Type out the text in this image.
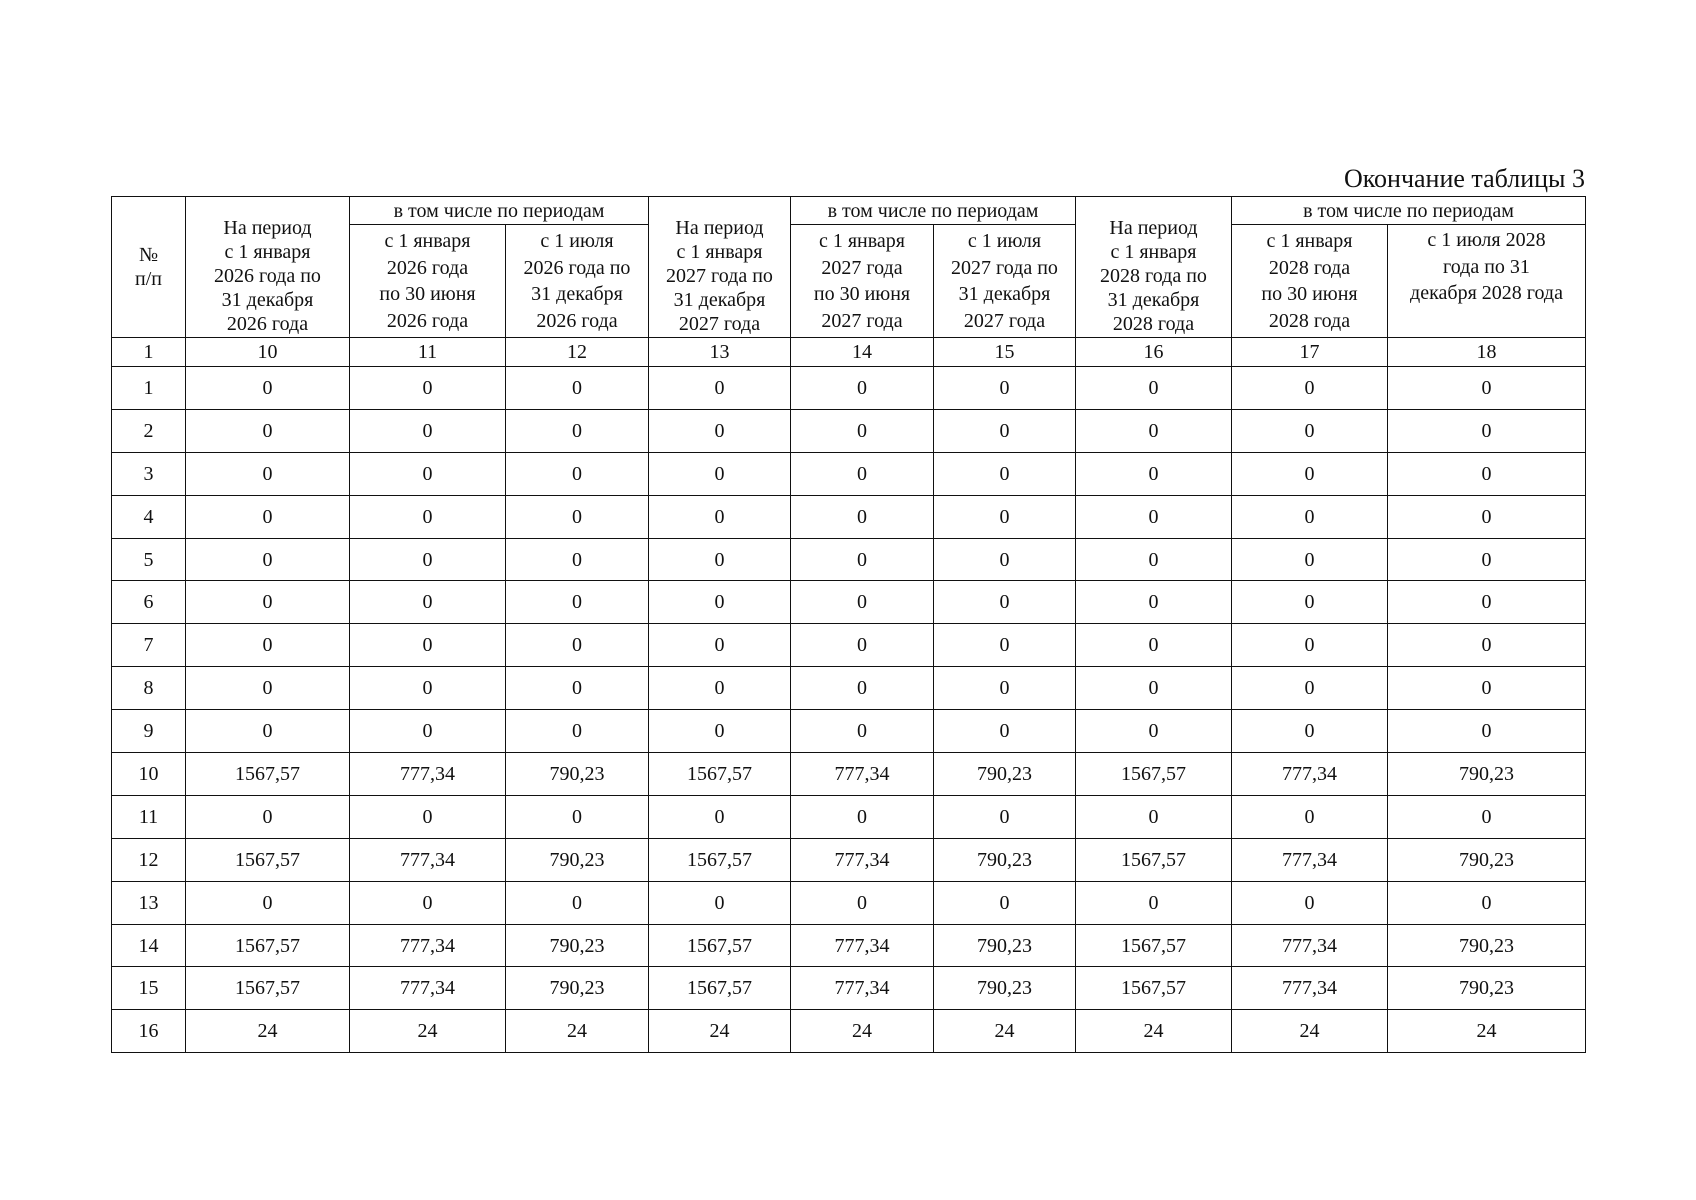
Окончание таблицы 3
№
п/п	На период
с 1 января
2026 года по
31 декабря
2026 года	в том числе по периодам		На период
с 1 января
2027 года по
31 декабря
2027 года	в том числе по периодам		На период
с 1 января
2028 года по
31 декабря
2028 года	в том числе по периодам	

		с 1 января
2026 года
по 30 июня
2026 года	с 1 июля
2026 года по
31 декабря
2026 года		с 1 января
2027 года
по 30 июня
2027 года	с 1 июля
2027 года по
31 декабря
2027 года		с 1 января
2028 года
по 30 июня
2028 года	с 1 июля 2028
года по 31
декабря 2028 года

1	10	11	12	13	14	15	16	17	18
1	0	0	0	0	0	0	0	0	0
2	0	0	0	0	0	0	0	0	0
3	0	0	0	0	0	0	0	0	0
4	0	0	0	0	0	0	0	0	0
5	0	0	0	0	0	0	0	0	0
6	0	0	0	0	0	0	0	0	0
7	0	0	0	0	0	0	0	0	0
8	0	0	0	0	0	0	0	0	0
9	0	0	0	0	0	0	0	0	0
10	1567,57	777,34	790,23	1567,57	777,34	790,23	1567,57	777,34	790,23
11	0	0	0	0	0	0	0	0	0
12	1567,57	777,34	790,23	1567,57	777,34	790,23	1567,57	777,34	790,23
13	0	0	0	0	0	0	0	0	0
14	1567,57	777,34	790,23	1567,57	777,34	790,23	1567,57	777,34	790,23
15	1567,57	777,34	790,23	1567,57	777,34	790,23	1567,57	777,34	790,23
16	24	24	24	24	24	24	24	24	24
